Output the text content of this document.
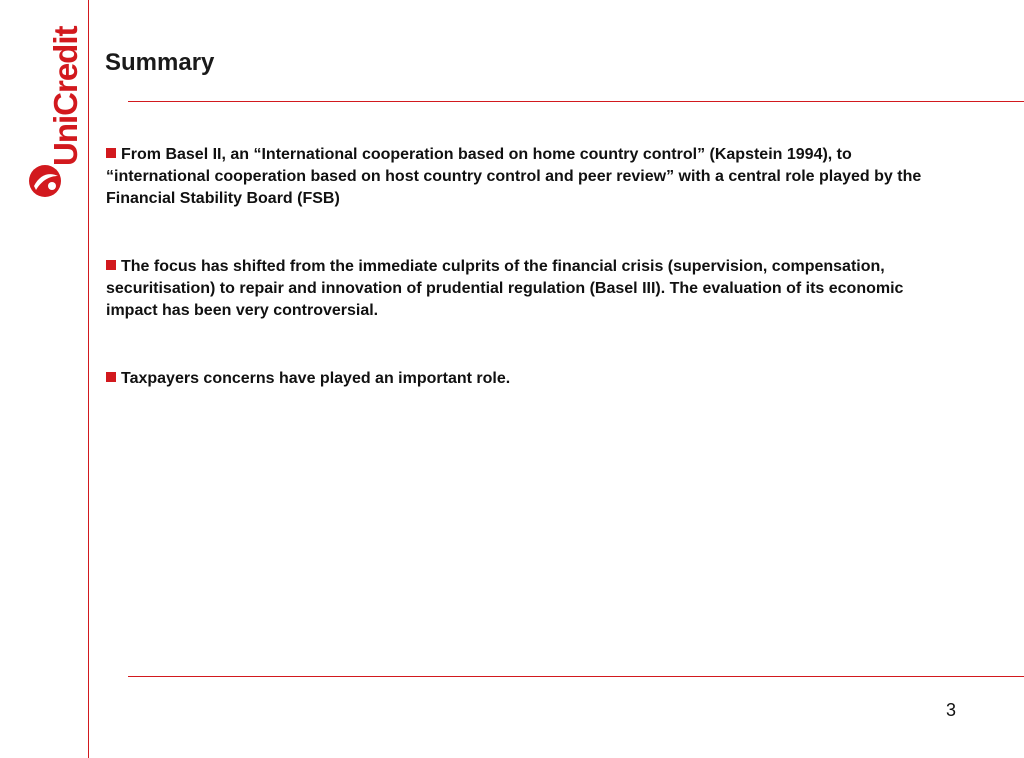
UniCredit Summary
From Basel II, an “International cooperation based on home country control” (Kapstein 1994), to “international cooperation based on host country control and peer review” with a central role played by the Financial Stability Board (FSB)
The focus has shifted from the immediate culprits of the financial crisis (supervision, compensation, securitisation) to repair and innovation of prudential regulation (Basel III). The evaluation of its economic impact has been very controversial.
Taxpayers concerns have played an important role.
3
